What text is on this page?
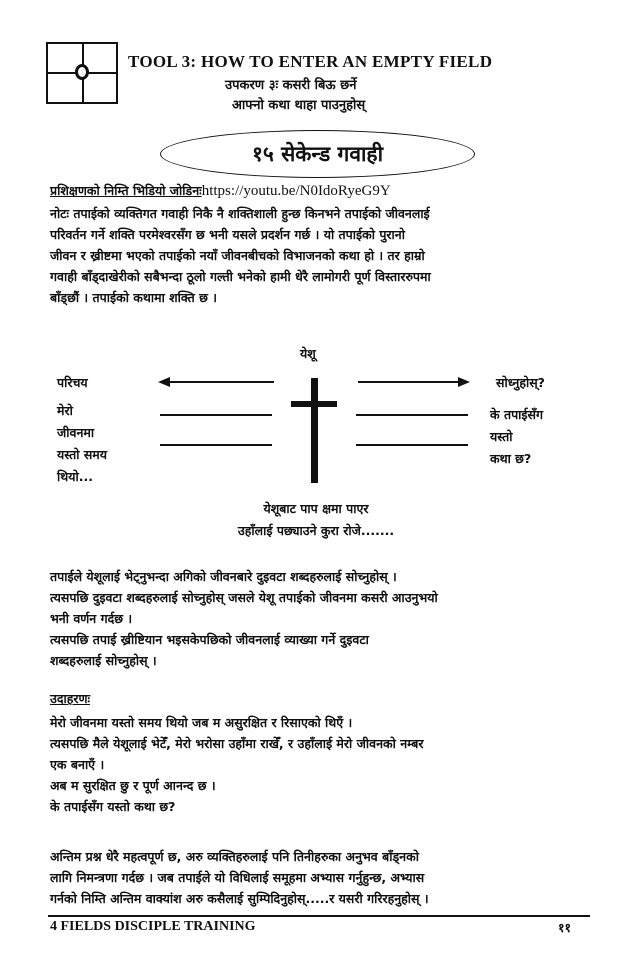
TOOL 3: HOW TO ENTER AN EMPTY FIELD
उपकरण ३ः कसरी बिऊ छर्ने
आफ्नो कथा थाहा पाउनुहोस्
१५ सेकेन्ड गवाही
प्रशिक्षणको निम्ति भिडियो जोडिनःhttps://youtu.be/N0IdoRyeG9Y
नोटः तपाईको व्यक्तिगत गवाही निकै नै शक्तिशाली हुन्छ किनभने तपाईको जीवनलाई
परिवर्तन गर्ने शक्ति परमेश्वरसँग छ भनी यसले प्रदर्शन गर्छ । यो तपाईको पुरानो
जीवन र ख्रीष्टमा भएको तपाईको नयाँ जीवनबीचको विभाजनको कथा हो । तर हाम्रो
गवाही बाँड्दाखेरीको सबैभन्दा ठूलो गल्ती भनेको हामी धेरै लामोगरी पूर्ण विस्ताररुपमा
बाँड्छौं । तपाईको कथामा शक्ति छ ।
येशू
परिचय
मेरो
जीवनमा
यस्तो समय
थियो...
सोध्नुहोस्?
के तपाईसँग
यस्तो
कथा छ?
येशूबाट पाप क्षमा पाएर
उहाँलाई पछ्याउने कुरा रोजे.......
तपाईले येशूलाई भेट्नुभन्दा अगिको जीवनबारे दुइवटा शब्दहरुलाई सोच्नुहोस् ।
त्यसपछि दुइवटा शब्दहरुलाई सोच्नुहोस् जसले येशू तपाईको जीवनमा कसरी आउनुभयो
भनी वर्णन गर्दछ ।
त्यसपछि तपाई ख्रीष्टियान भइसकेपछिको जीवनलाई व्याख्या गर्ने दुइवटा
शब्दहरुलाई सोच्नुहोस् ।
उदाहरणः
मेरो जीवनमा यस्तो समय थियो जब म असुरक्षित र रिसाएको थिएँ ।
त्यसपछि मैले येशूलाई भेटेँ, मेरो भरोसा उहाँमा राखेँ, र उहाँलाई मेरो जीवनको नम्बर
एक बनाएँ ।
अब म सुरक्षित छु र पूर्ण आनन्द छ ।
के तपाईसँग यस्तो कथा छ?
अन्तिम प्रश्न धेरै महत्वपूर्ण छ, अरु व्यक्तिहरुलाई पनि तिनीहरुका अनुभव बाँड्नको
लागि निमन्त्रणा गर्दछ । जब तपाईले यो विधिलाई समूहमा अभ्यास गर्नुहुन्छ, अभ्यास
गर्नको निम्ति अन्तिम वाक्यांश अरु कसैलाई सुम्पिदिनुहोस्.....र यसरी गरिरहनुहोस् ।
4 FIELDS DISCIPLE TRAINING	११
